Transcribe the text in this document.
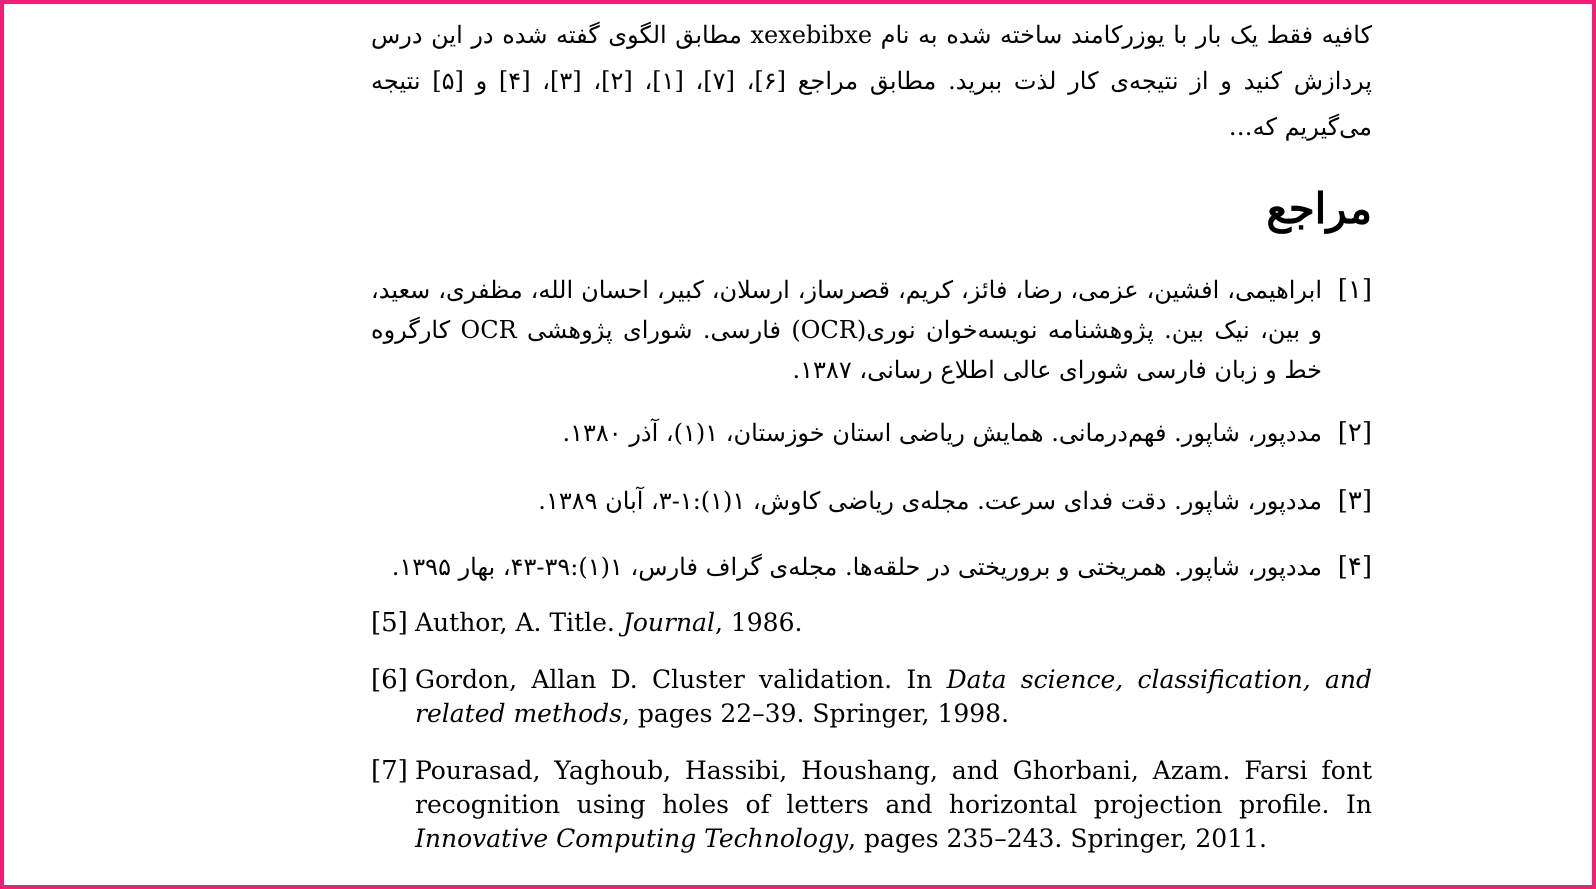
کافیه فقط یک بار با یوزرکامند ساخته شده به نام xexebibxe مطابق الگوی گفته شده در این درس پردازش کنید و از نتیجه‌ی کار لذت ببرید. مطابق مراجع [۶]، [۷]، [۱]، [۲]، [۳]، [۴] و [۵] نتیجه می‌گیریم که…

مراجع
[۱]
ابراهیمی، افشین، عزمی، رضا، فائز، کریم، قصرساز، ارسلان، کبیر، احسان الله، مظفری، سعید، و بین، نیک بین. پژوهشنامه نویسه‌خوان نوری(OCR) فارسی. شورای پژوهشی OCR کارگروه خط و زبان فارسی شورای عالی اطلاع رسانی، ۱۳۸۷.
[۲]
مددپور، شاپور. فهم‌درمانی. همایش ریاضی استان خوزستان، ۱(۱)، آذر ۱۳۸۰.
[۳]
مددپور، شاپور. دقت فدای سرعت. مجله‌ی ریاضی کاوش، ۱(۱):۱-۳، آبان ۱۳۸۹.
[۴]
مددپور، شاپور. همریختی و بروریختی در حلقه‌ها. مجله‌ی گراف فارس، ۱(۱):۳۹-۴۳، بهار ۱۳۹۵.
[5] Author, A. Title. Journal, 1986.
[6] Gordon, Allan D. Cluster validation. In Data science, classification, and related methods, pages 22–39. Springer, 1998.
[7] Pourasad, Yaghoub, Hassibi, Houshang, and Ghorbani, Azam. Farsi font recognition using holes of letters and horizontal projection profile. In Innovative Computing Technology, pages 235–243. Springer, 2011.
